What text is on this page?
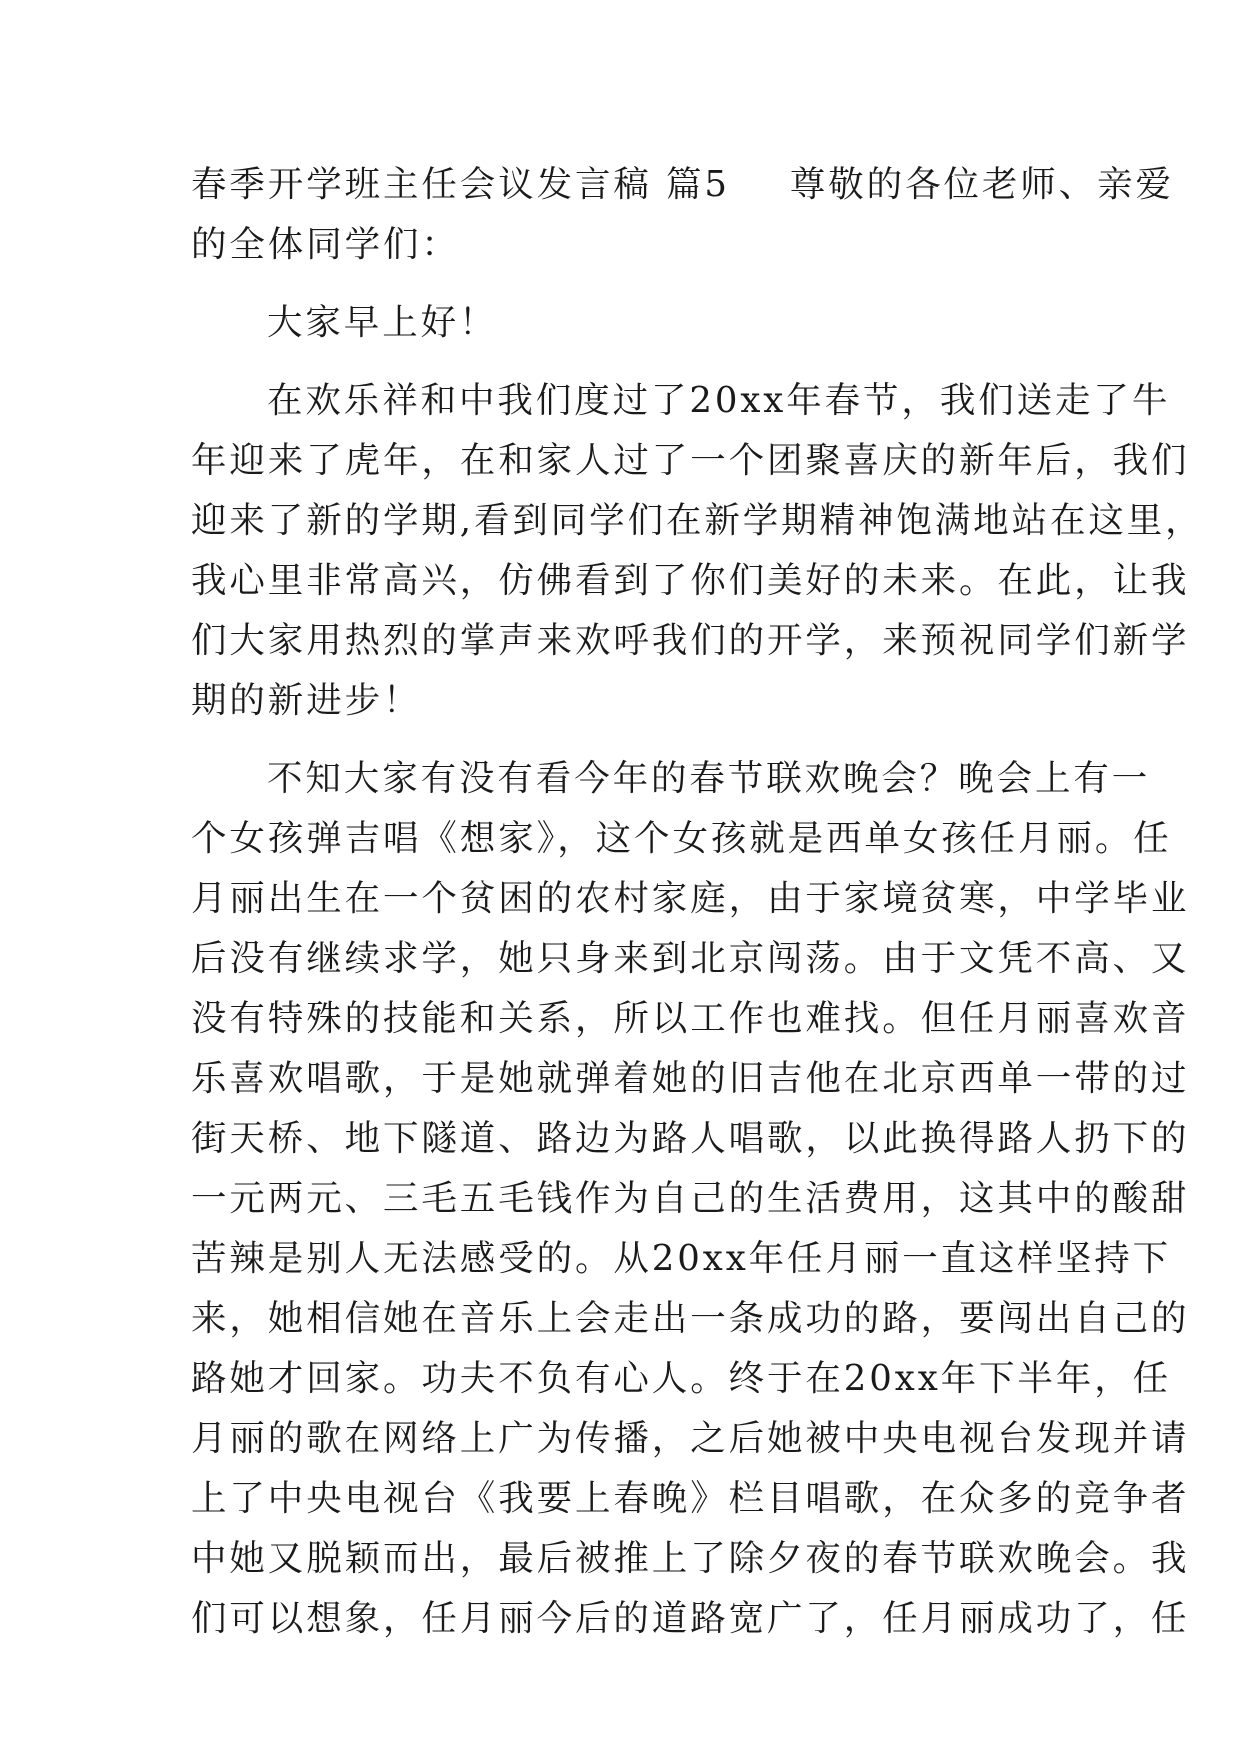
春季开学班主任会议发言稿 篇5 尊敬的各位老师、亲爱
的全体同学们：
大家早上好！
在欢乐祥和中我们度过了20xx年春节，我们送走了牛
年迎来了虎年，在和家人过了一个团聚喜庆的新年后，我们
迎来了新的学期,看到同学们在新学期精神饱满地站在这里，
我心里非常高兴，仿佛看到了你们美好的未来。在此，让我
们大家用热烈的掌声来欢呼我们的开学，来预祝同学们新学
期的新进步！
不知大家有没有看今年的春节联欢晚会？晚会上有一
个女孩弹吉唱《想家》，这个女孩就是西单女孩任月丽。任
月丽出生在一个贫困的农村家庭，由于家境贫寒，中学毕业
后没有继续求学，她只身来到北京闯荡。由于文凭不高、又
没有特殊的技能和关系，所以工作也难找。但任月丽喜欢音
乐喜欢唱歌，于是她就弹着她的旧吉他在北京西单一带的过
街天桥、地下隧道、路边为路人唱歌，以此换得路人扔下的
一元两元、三毛五毛钱作为自己的生活费用，这其中的酸甜
苦辣是别人无法感受的。从20xx年任月丽一直这样坚持下
来，她相信她在音乐上会走出一条成功的路，要闯出自己的
路她才回家。功夫不负有心人。终于在20xx年下半年，任
月丽的歌在网络上广为传播，之后她被中央电视台发现并请
上了中央电视台《我要上春晚》栏目唱歌，在众多的竞争者
中她又脱颖而出，最后被推上了除夕夜的春节联欢晚会。我
们可以想象，任月丽今后的道路宽广了，任月丽成功了，任
